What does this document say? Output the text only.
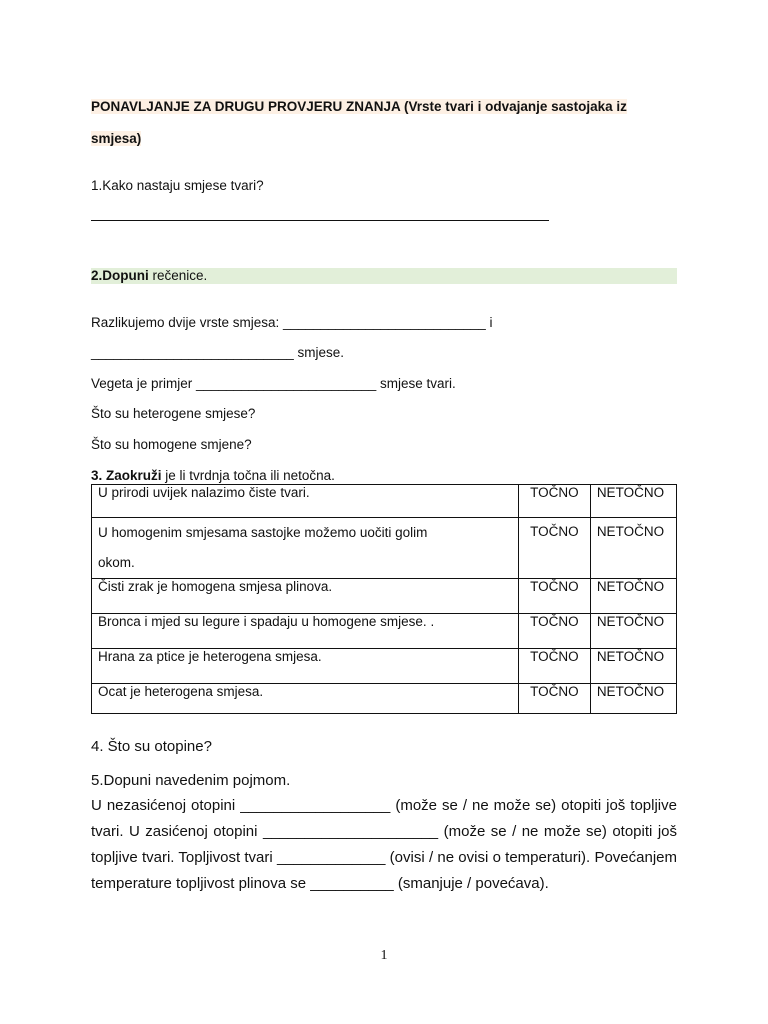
PONAVLJANJE ZA DRUGU PROVJERU ZNANJA (Vrste tvari i odvajanje sastojaka iz
smjesa)
1.Kako nastaju smjese tvari?
2.Dopuni rečenice.
Razlikujemo dvije vrste smjesa: ___________________________ i
___________________________ smjese.
Vegeta je primjer ________________________ smjese tvari.
Što su heterogene smjese?
Što su homogene smjene?
3. Zaokruži je li tvrdnja točna ili netočna.
U prirodi uvijek nalazimo čiste tvari.	TOČNO	NETOČNO

U homogenim smjesama sastojke možemo uočiti golim
okom.	TOČNO	NETOČNO
Čisti zrak je homogena smjesa plinova.	TOČNO	NETOČNO
Bronca i mjed su legure i spadaju u homogene smjese. .	TOČNO	NETOČNO
Hrana za ptice je heterogena smjesa.	TOČNO	NETOČNO
Ocat je heterogena smjesa.	TOČNO	NETOČNO
4. Što su otopine?
5.Dopuni navedenim pojmom.
U nezasićenoj otopini __________________ (može se / ne može se) otopiti još topljive tvari. U zasićenoj otopini _____________________ (može se / ne može se) otopiti još topljive tvari. Topljivost tvari _____________ (ovisi / ne ovisi o temperaturi). Povećanjem temperature topljivost plinova se __________ (smanjuje / povećava).
1
